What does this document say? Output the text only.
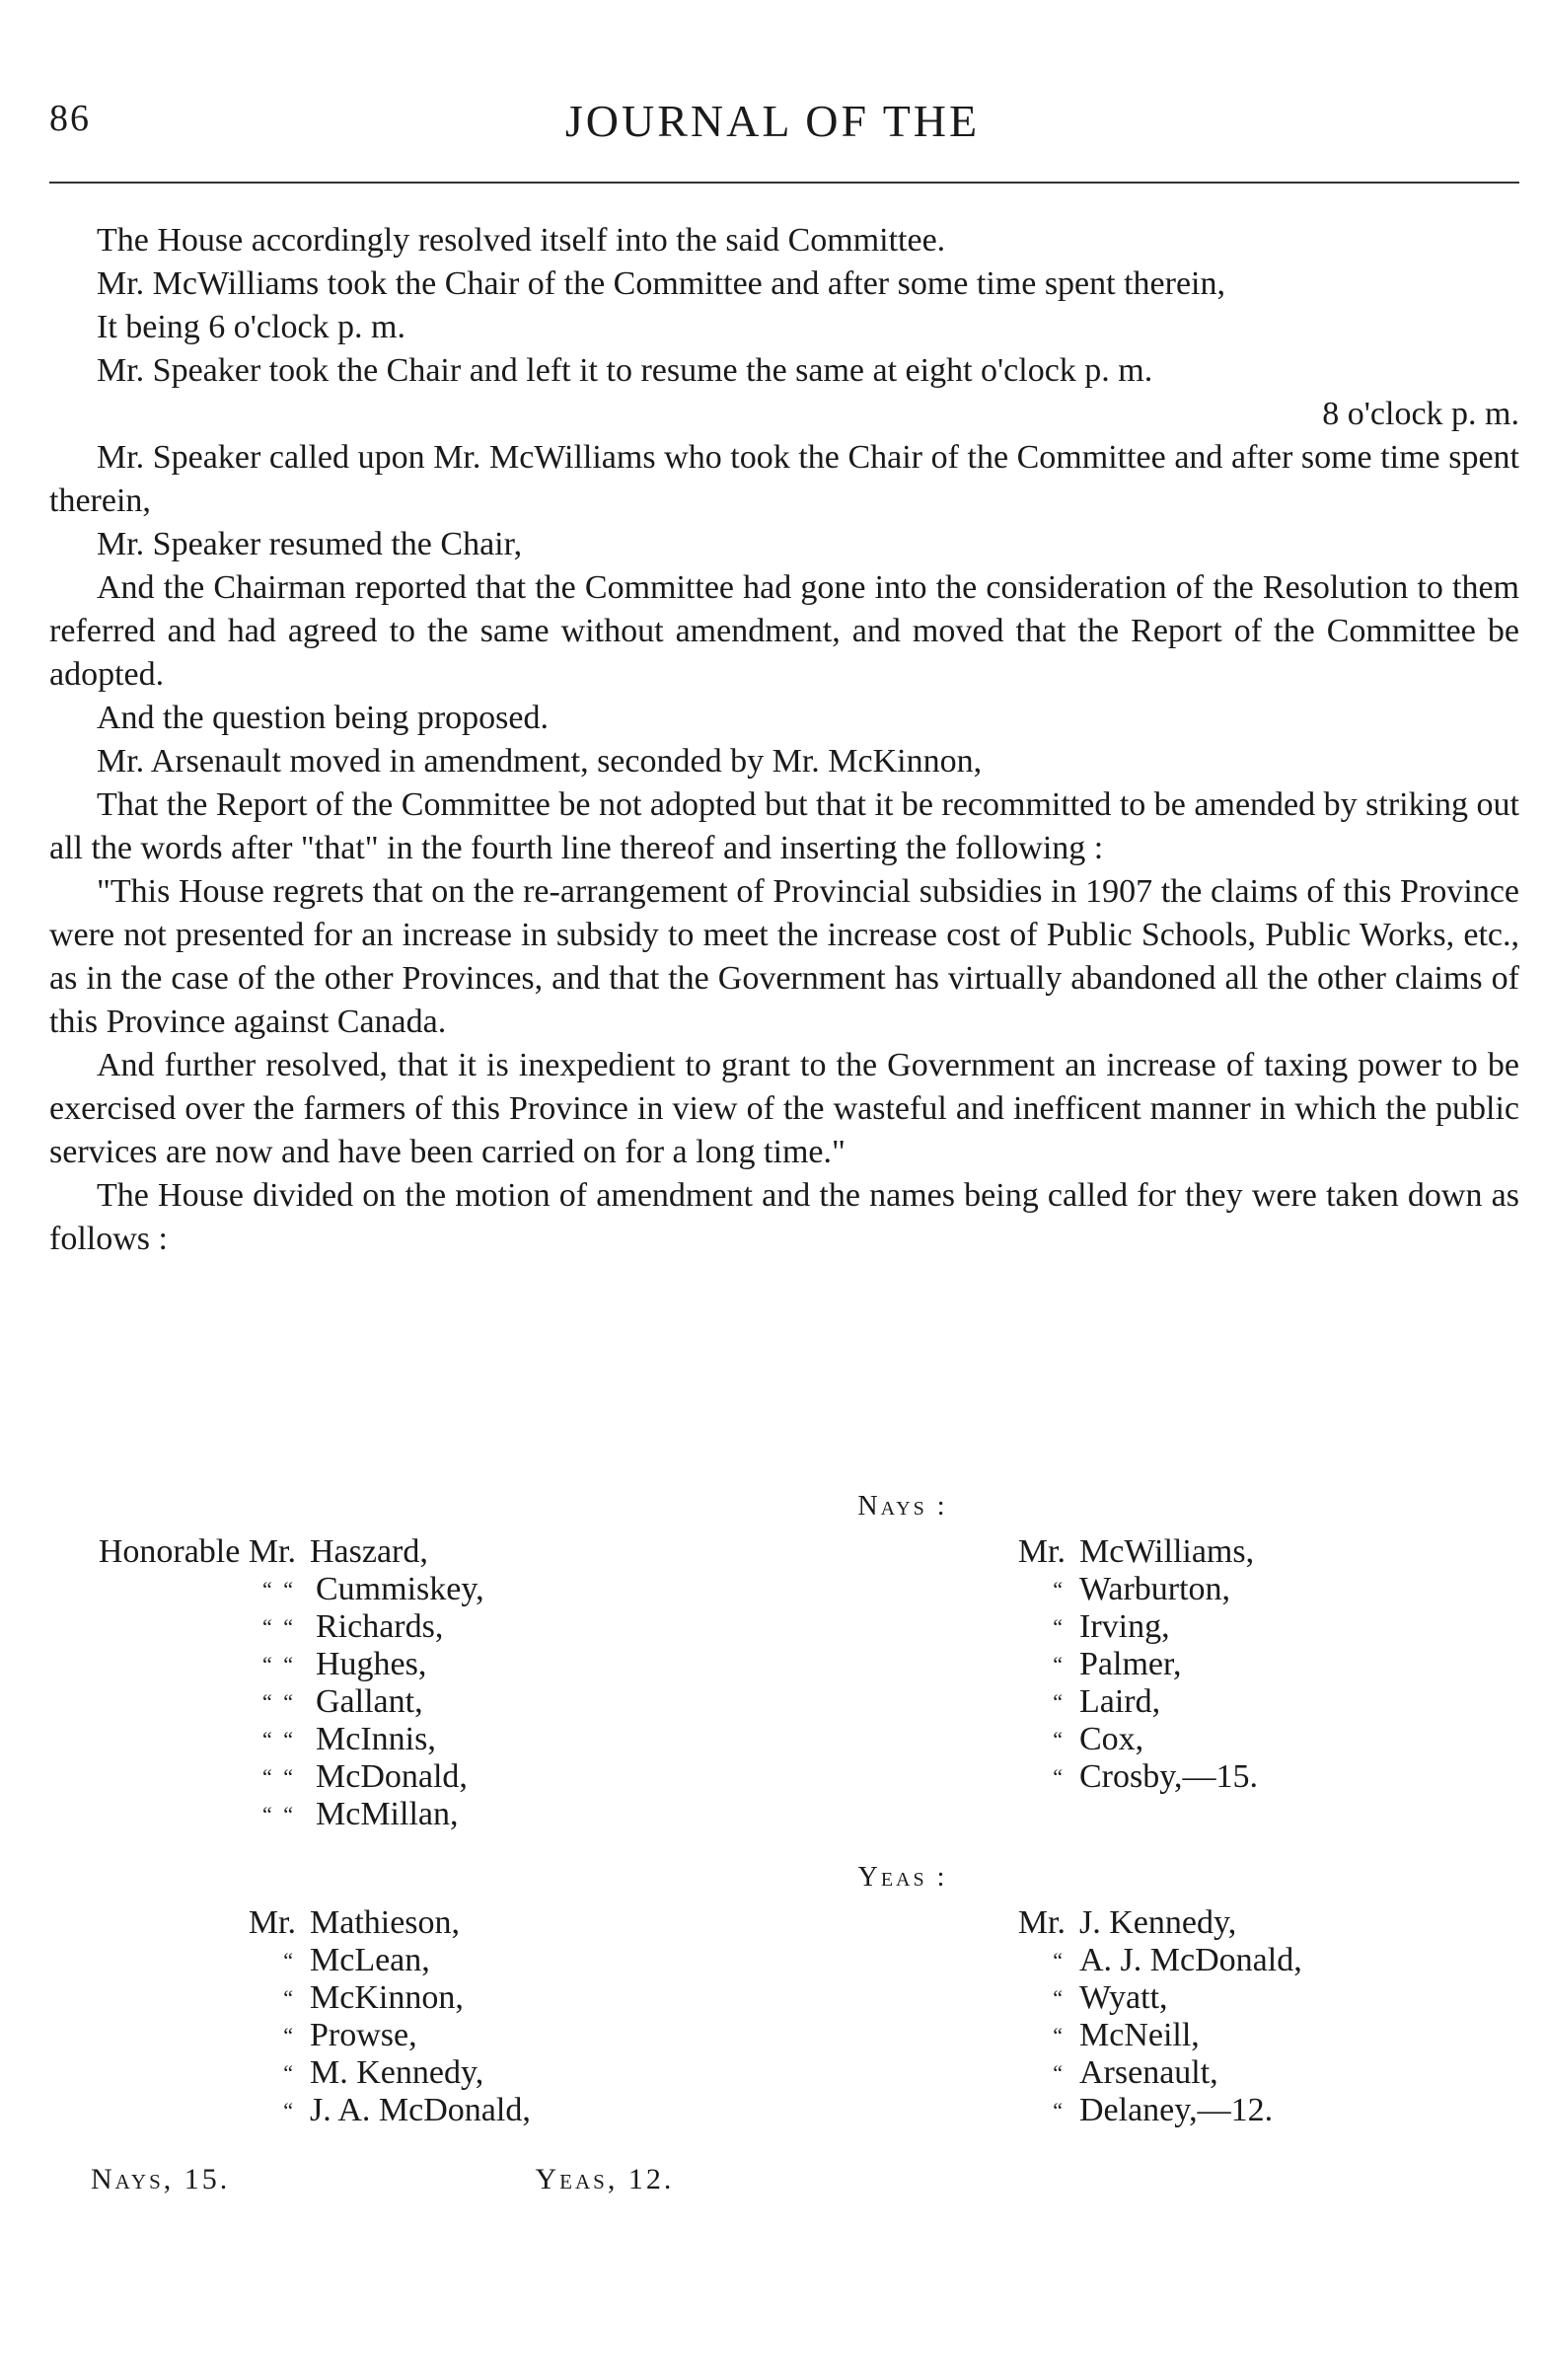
86	JOURNAL OF THE

The House accordingly resolved itself into the said Committee.

Mr. McWilliams took the Chair of the Committee and after some time spent therein,

It being 6 o'clock p. m.

Mr. Speaker took the Chair and left it to resume the same at eight o'clock p. m.

8 o'clock p. m.

Mr. Speaker called upon Mr. McWilliams who took the Chair of the Committee and after some time spent therein,

Mr. Speaker resumed the Chair,

And the Chairman reported that the Committee had gone into the consideration of the Resolution to them referred and had agreed to the same without amendment, and moved that the Report of the Committee be adopted.

And the question being proposed.

Mr. Arsenault moved in amendment, seconded by Mr. McKinnon,

That the Report of the Committee be not adopted but that it be recommitted to be amended by striking out all the words after "that" in the fourth line thereof and inserting the following :

"This House regrets that on the re-arrangement of Provincial subsidies in 1907 the claims of this Province were not presented for an increase in subsidy to meet the increase cost of Public Schools, Public Works, etc., as in the case of the other Provinces, and that the Government has virtually abandoned all the other claims of this Province against Canada.

And further resolved, that it is inexpedient to grant to the Government an increase of taxing power to be exercised over the farmers of this Province in view of the wasteful and inefficent manner in which the public services are now and have been carried on for a long time."

The House divided on the motion of amendment and the names being called for they were taken down as follows :

Nays :
Honorable Mr. Haszard,
“ “ Cummiskey,
“ “ Richards,
“ “ Hughes,
“ “ Gallant,
“ “ McInnis,
“ “ McDonald,
“ “ McMillan,
Mr. McWilliams,
“ Warburton,
“ Irving,
“ Palmer,
“ Laird,
“ Cox,
“ Crosby,—15.
Yeas :
Mr. Mathieson,
“ McLean,
“ McKinnon,
“ Prowse,
“ M. Kennedy,
“ J. A. McDonald,
Mr. J. Kennedy,
“ A. J. McDonald,
“ Wyatt,
“ McNeill,
“ Arsenault,
“ Delaney,—12.
Nays, 15.	Yeas, 12.
